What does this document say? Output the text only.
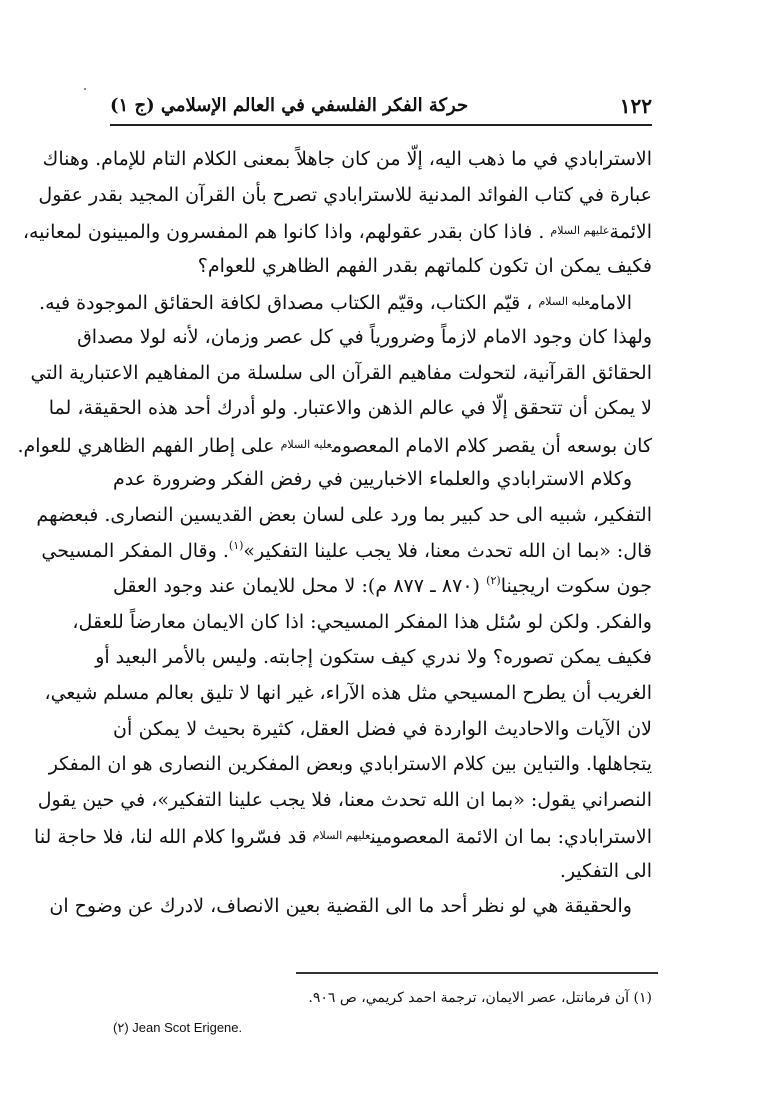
١٢٢
حركة الفكر الفلسفي في العالم الإسلامي (ج ١)
الاسترابادي في ما ذهب اليه، إلّا من كان جاهلاً بمعنى الكلام التام للإمام. وهناك
عبارة في كتاب الفوائد المدنية للاسترابادي تصرح بأن القرآن المجيد بقدر عقول
الائمة$^{عليهم السلام}$ . فاذا كان بقدر عقولهم، واذا كانوا هم المفسرون والمبينون لمعانيه،
فكيف يمكن ان تكون كلماتهم بقدر الفهم الظاهري للعوام؟
الامام$^{عليه السلام}$ ، قيّم الكتاب، وقيّم الكتاب مصداق لكافة الحقائق الموجودة فيه.
ولهذا كان وجود الامام لازماً وضرورياً في كل عصر وزمان، لأنه لولا مصداق
الحقائق القرآنية، لتحولت مفاهيم القرآن الى سلسلة من المفاهيم الاعتبارية التي
لا يمكن أن تتحقق إلّا في عالم الذهن والاعتبار. ولو أدرك أحد هذه الحقيقة، لما
كان بوسعه أن يقصر كلام الامام المعصوم$^{عليه السلام}$ على إطار الفهم الظاهري للعوام.
وكلام الاسترابادي والعلماء الاخباريين في رفض الفكر وضرورة عدم
التفكير، شبيه الى حد كبير بما ورد على لسان بعض القديسين النصارى. فبعضهم
قال: «بما ان الله تحدث معنا، فلا يجب علينا التفكير»$^{(١)}$. وقال المفكر المسيحي
جون سكوت اريجينا$^{(٢)}$ (٨٧٠ ـ ٨٧٧ م): لا محل للايمان عند وجود العقل
والفكر. ولكن لو سُئل هذا المفكر المسيحي: اذا كان الايمان معارضاً للعقل،
فكيف يمكن تصوره؟ ولا ندري كيف ستكون إجابته. وليس بالأمر البعيد أو
الغريب أن يطرح المسيحي مثل هذه الآراء، غير انها لا تليق بعالم مسلم شيعي،
لان الآيات والاحاديث الواردة في فضل العقل، كثيرة بحيث لا يمكن أن
يتجاهلها. والتباين بين كلام الاسترابادي وبعض المفكرين النصارى هو ان المفكر
النصراني يقول: «بما ان الله تحدث معنا، فلا يجب علينا التفكير»، في حين يقول
الاسترابادي: بما ان الائمة المعصومين$^{عليهم السلام}$ قد فسّروا كلام الله لنا، فلا حاجة لنا
الى التفكير.
والحقيقة هي لو نظر أحد ما الى القضية بعين الانصاف، لادرك عن وضوح ان
(١) آن فرمانتل، عصر الايمان، ترجمة احمد كريمي، ص ٩٠٦.
(٢) Jean Scot Erigene.
